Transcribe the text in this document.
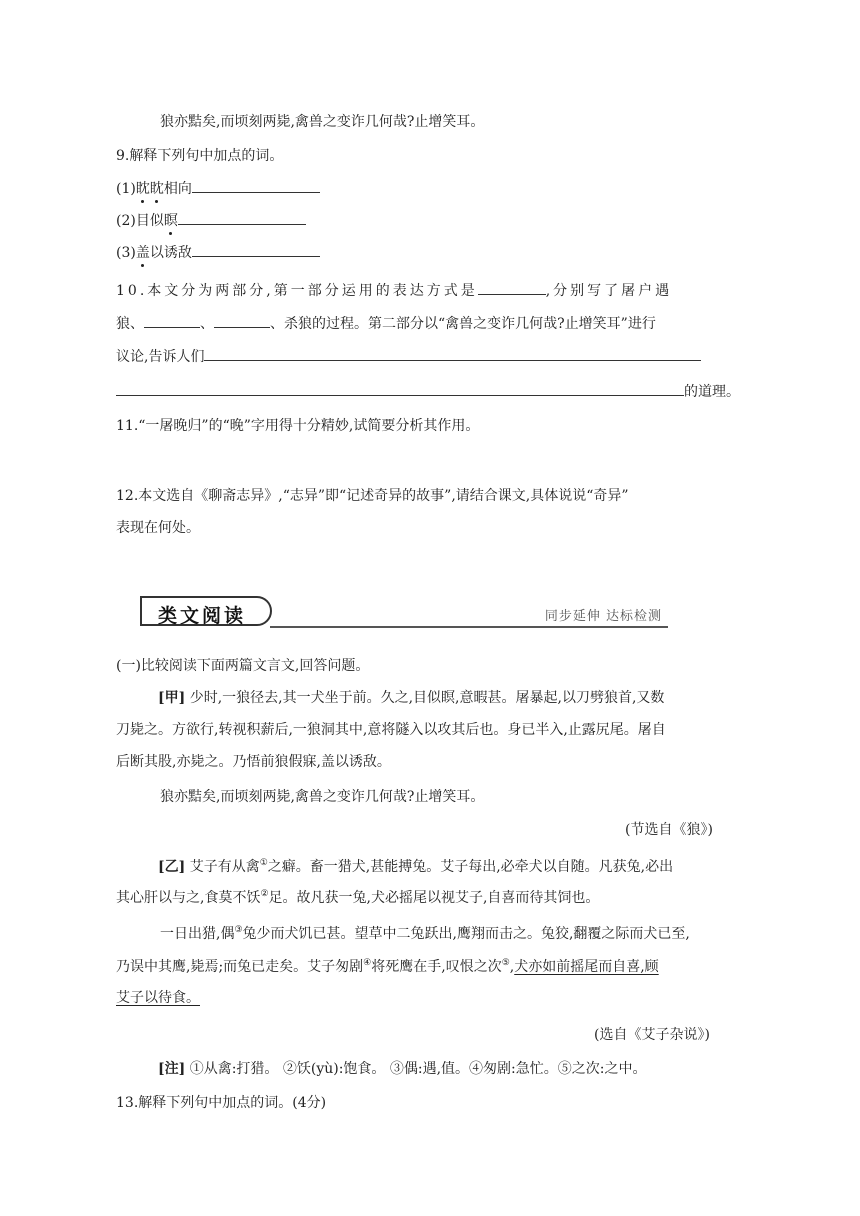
狼亦黠矣,而顷刻两毙,禽兽之变诈几何哉?止增笑耳。
9.解释下列句中加点的词。
(1)眈眈相向
(2)目似瞑
(3)盖以诱敌
10.本文分为两部分,第一部分运用的表达方式是	,分别写了屠户遇
狼、	、	、杀狼的过程。第二部分以“禽兽之变诈几何哉?止增笑耳”进行
议论,告诉人们
的道理。
11.“一屠晚归”的“晚”字用得十分精妙,试简要分析其作用。
12.本文选自《聊斋志异》,“志异”即“记述奇异的故事”,请结合课文,具体说说“奇异”
表现在何处。
类文阅读	同步延伸 达标检测
(一)比较阅读下面两篇文言文,回答问题。
[甲] 少时,一狼径去,其一犬坐于前。久之,目似瞑,意暇甚。屠暴起,以刀劈狼首,又数
刀毙之。方欲行,转视积薪后,一狼洞其中,意将隧入以攻其后也。身已半入,止露尻尾。屠自
后断其股,亦毙之。乃悟前狼假寐,盖以诱敌。
狼亦黠矣,而顷刻两毙,禽兽之变诈几何哉?止增笑耳。
(节选自《狼》)
[乙] 艾子有从禽①之癖。畜一猎犬,甚能搏兔。艾子每出,必牵犬以自随。凡获兔,必出
其心肝以与之,食莫不饫②足。故凡获一兔,犬必摇尾以视艾子,自喜而待其饲也。
一日出猎,偶③兔少而犬饥已甚。望草中二兔跃出,鹰翔而击之。兔狡,翻覆之际而犬已至,
乃误中其鹰,毙焉;而兔已走矣。艾子匆剧④将死鹰在手,叹恨之次⑤,犬亦如前摇尾而自喜,顾
艾子以待食。
(选自《艾子杂说》)
[注] ①从禽:打猎。 ②饫(yù):饱食。 ③偶:遇,值。④匆剧:急忙。⑤之次:之中。
13.解释下列句中加点的词。(4分)
